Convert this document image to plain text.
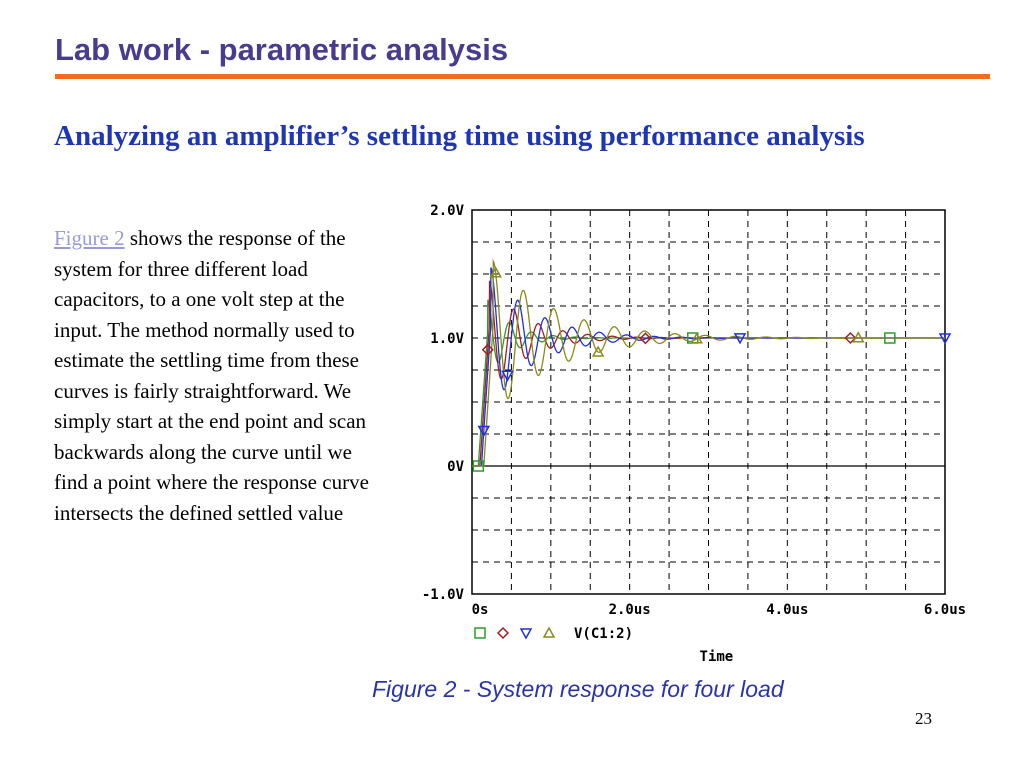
Lab work - parametric analysis
Analyzing an amplifier’s settling time using performance analysis

Figure 2 shows the response of the system for three different load capacitors, to a one volt step at the input. The method normally used to estimate the settling time from these curves is fairly straightforward. We simply start at the end point and scan backwards along the curve until we find a point where the response curve intersects the defined settled value

-1.0V
0V
1.0V
2.0V
0s	2.0us	4.0us	6.0us
Time
V(C1:2)

Figure 2 - System response for four load

23
